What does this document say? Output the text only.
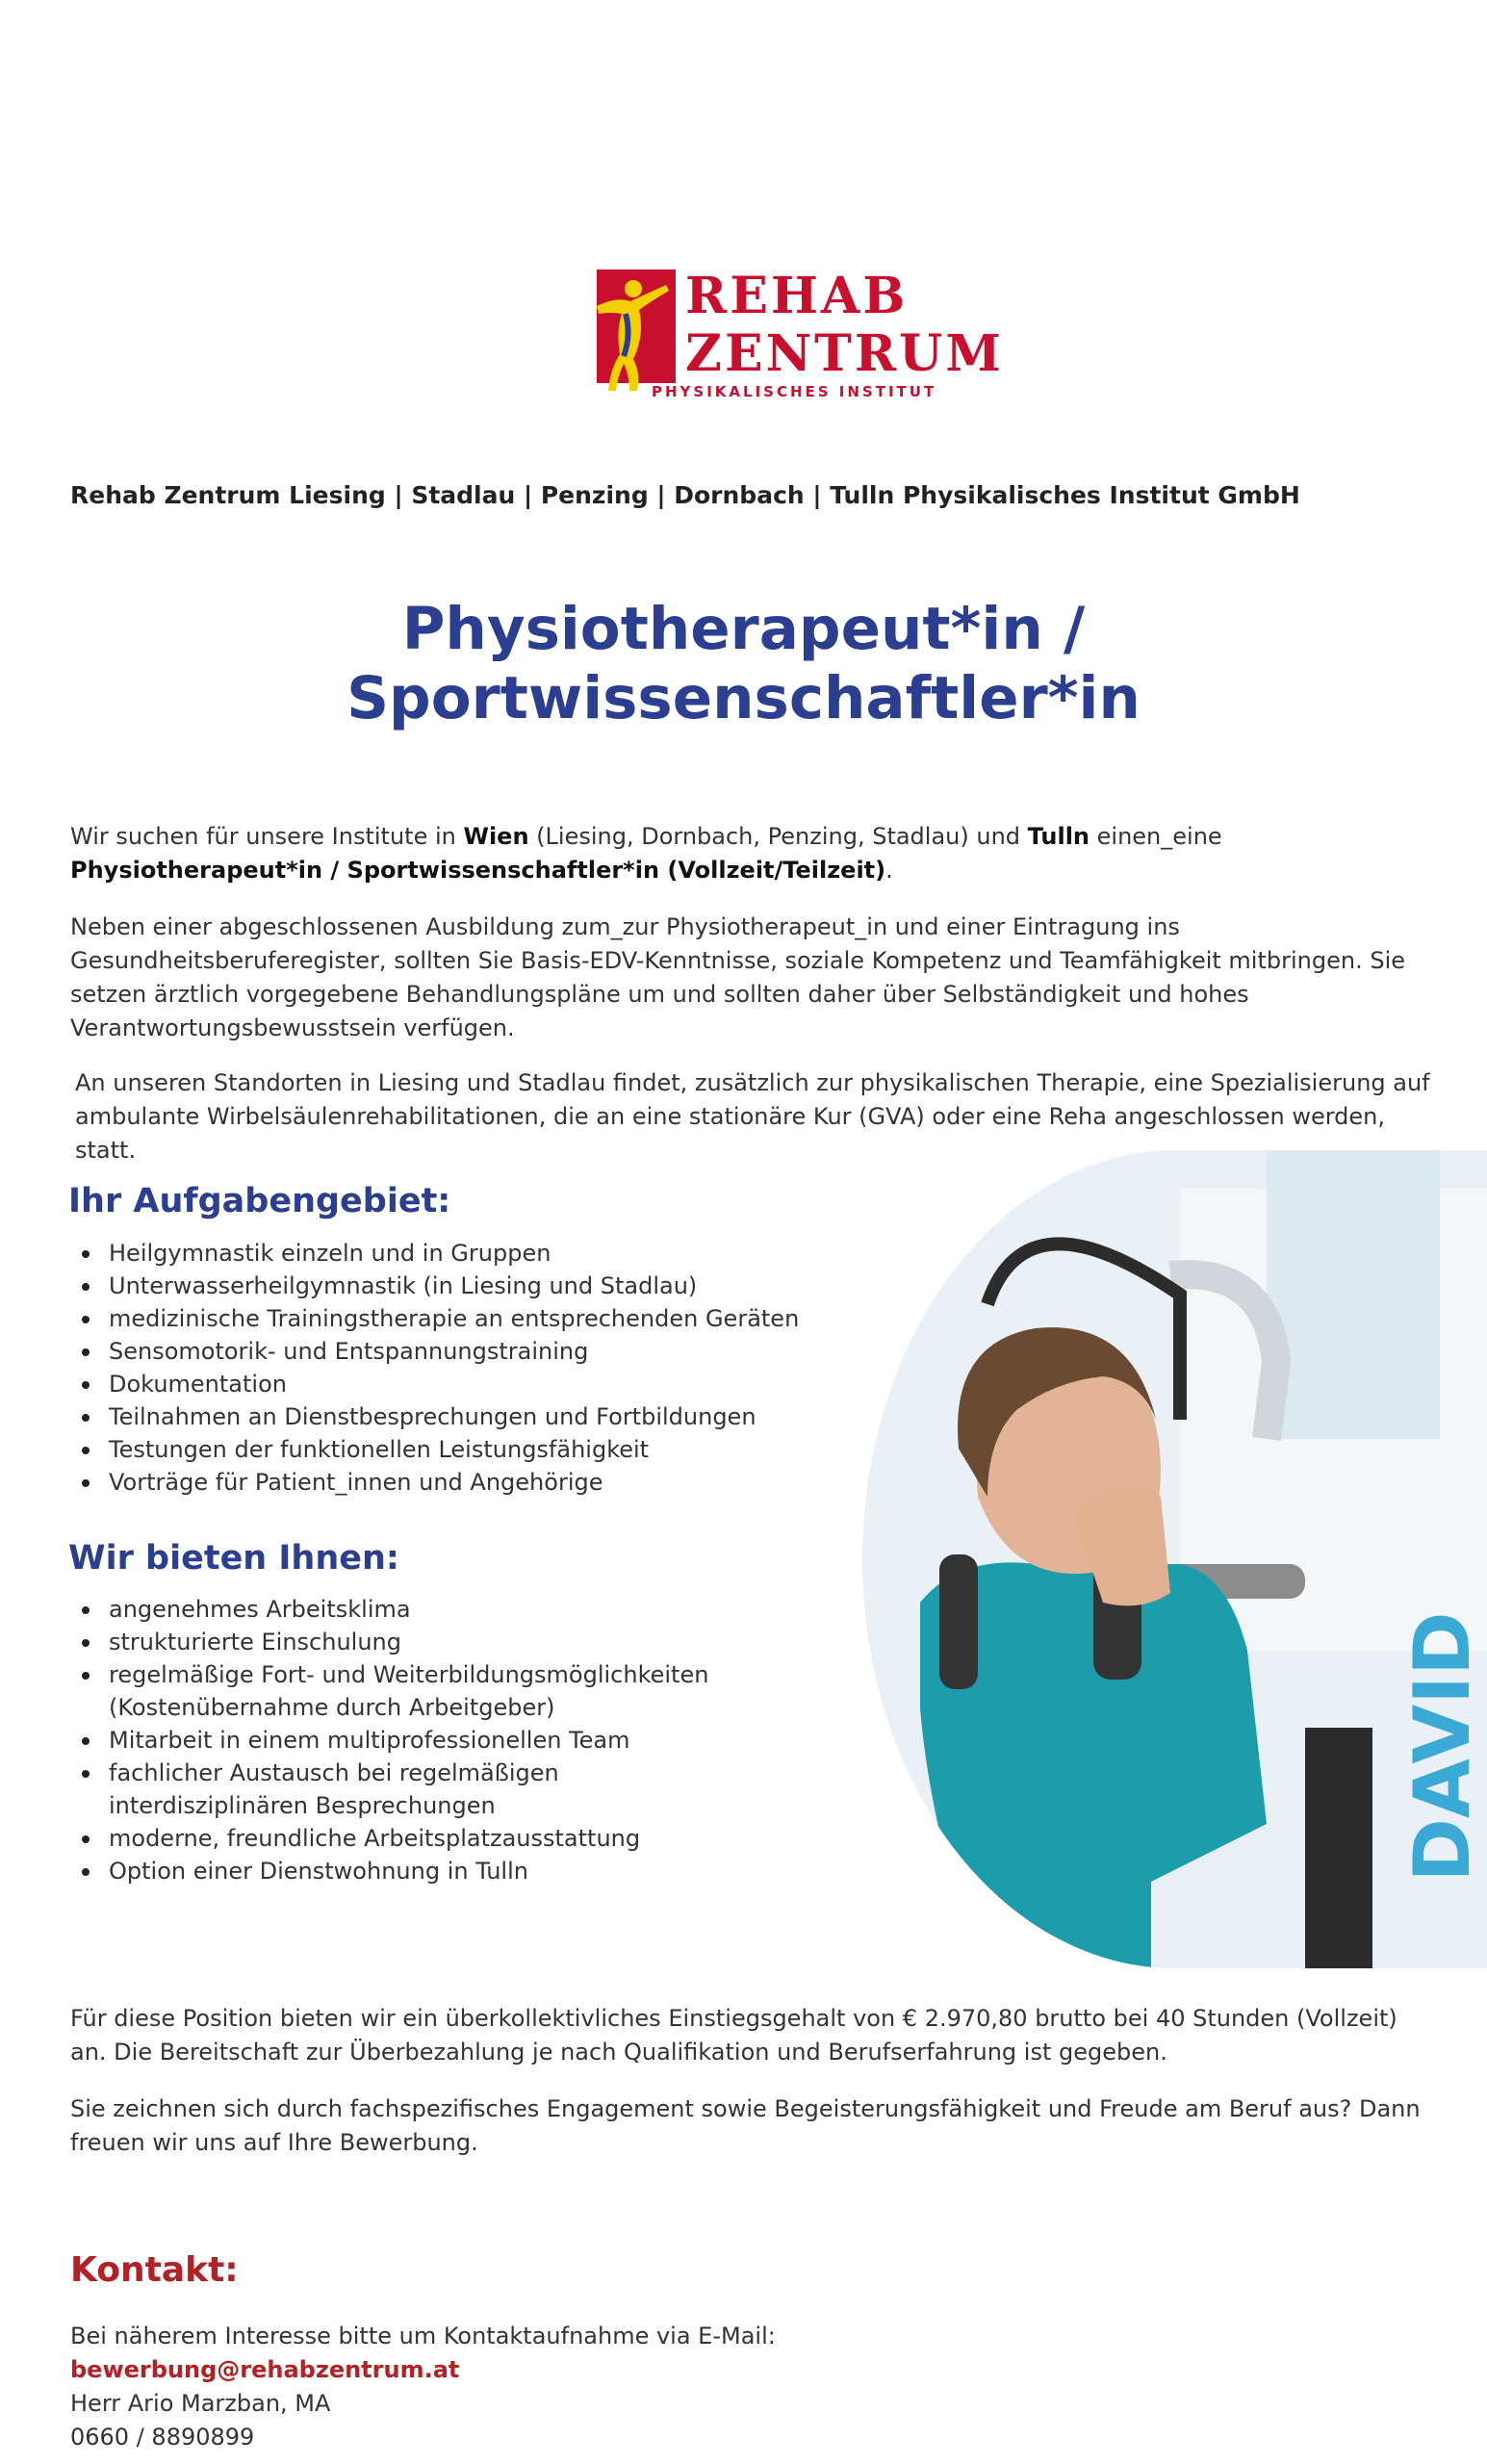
REHAB
ZENTRUM
PHYSIKALISCHES INSTITUT
Rehab Zentrum Liesing | Stadlau | Penzing | Dornbach | Tulln Physikalisches Institut GmbH
Physiotherapeut*in /
Sportwissenschaftler*in
Wir suchen für unsere Institute in Wien (Liesing, Dornbach, Penzing, Stadlau) und Tulln einen_eine Physiotherapeut*in / Sportwissenschaftler*in (Vollzeit/Teilzeit).
Neben einer abgeschlossenen Ausbildung zum_zur Physiotherapeut_in und einer Eintragung ins Gesundheitsberuferegister, sollten Sie Basis-EDV-Kenntnisse, soziale Kompetenz und Teamfähigkeit mitbringen. Sie setzen ärztlich vorgegebene Behandlungspläne um und sollten daher über Selbständigkeit und hohes Verantwortungsbewusstsein verfügen.
An unseren Standorten in Liesing und Stadlau findet, zusätzlich zur physikalischen Therapie, eine Spezialisierung auf ambulante Wirbelsäulenrehabilitationen, die an eine stationäre Kur (GVA) oder eine Reha angeschlossen werden, statt.
Ihr Aufgabengebiet:
Heilgymnastik einzeln und in Gruppen
Unterwasserheilgymnastik (in Liesing und Stadlau)
medizinische Trainingstherapie an entsprechenden Geräten
Sensomotorik- und Entspannungstraining
Dokumentation
Teilnahmen an Dienstbesprechungen und Fortbildungen
Testungen der funktionellen Leistungsfähigkeit
Vorträge für Patient_innen und Angehörige
Wir bieten Ihnen:
angenehmes Arbeitsklima
strukturierte Einschulung
regelmäßige Fort- und Weiterbildungsmöglichkeiten (Kostenübernahme durch Arbeitgeber)
Mitarbeit in einem multiprofessionellen Team
fachlicher Austausch bei regelmäßigen interdisziplinären Besprechungen
moderne, freundliche Arbeitsplatzausstattung
Option einer Dienstwohnung in Tulln	DAVID
Für diese Position bieten wir ein überkollektivliches Einstiegsgehalt von € 2.970,80 brutto bei 40 Stunden (Vollzeit) an. Die Bereitschaft zur Überbezahlung je nach Qualifikation und Berufserfahrung ist gegeben.
Sie zeichnen sich durch fachspezifisches Engagement sowie Begeisterungsfähigkeit und Freude am Beruf aus? Dann freuen wir uns auf Ihre Bewerbung.
Kontakt:
Bei näherem Interesse bitte um Kontaktaufnahme via E-Mail:
bewerbung@rehabzentrum.at
Herr Ario Marzban, MA
0660 / 8890899
